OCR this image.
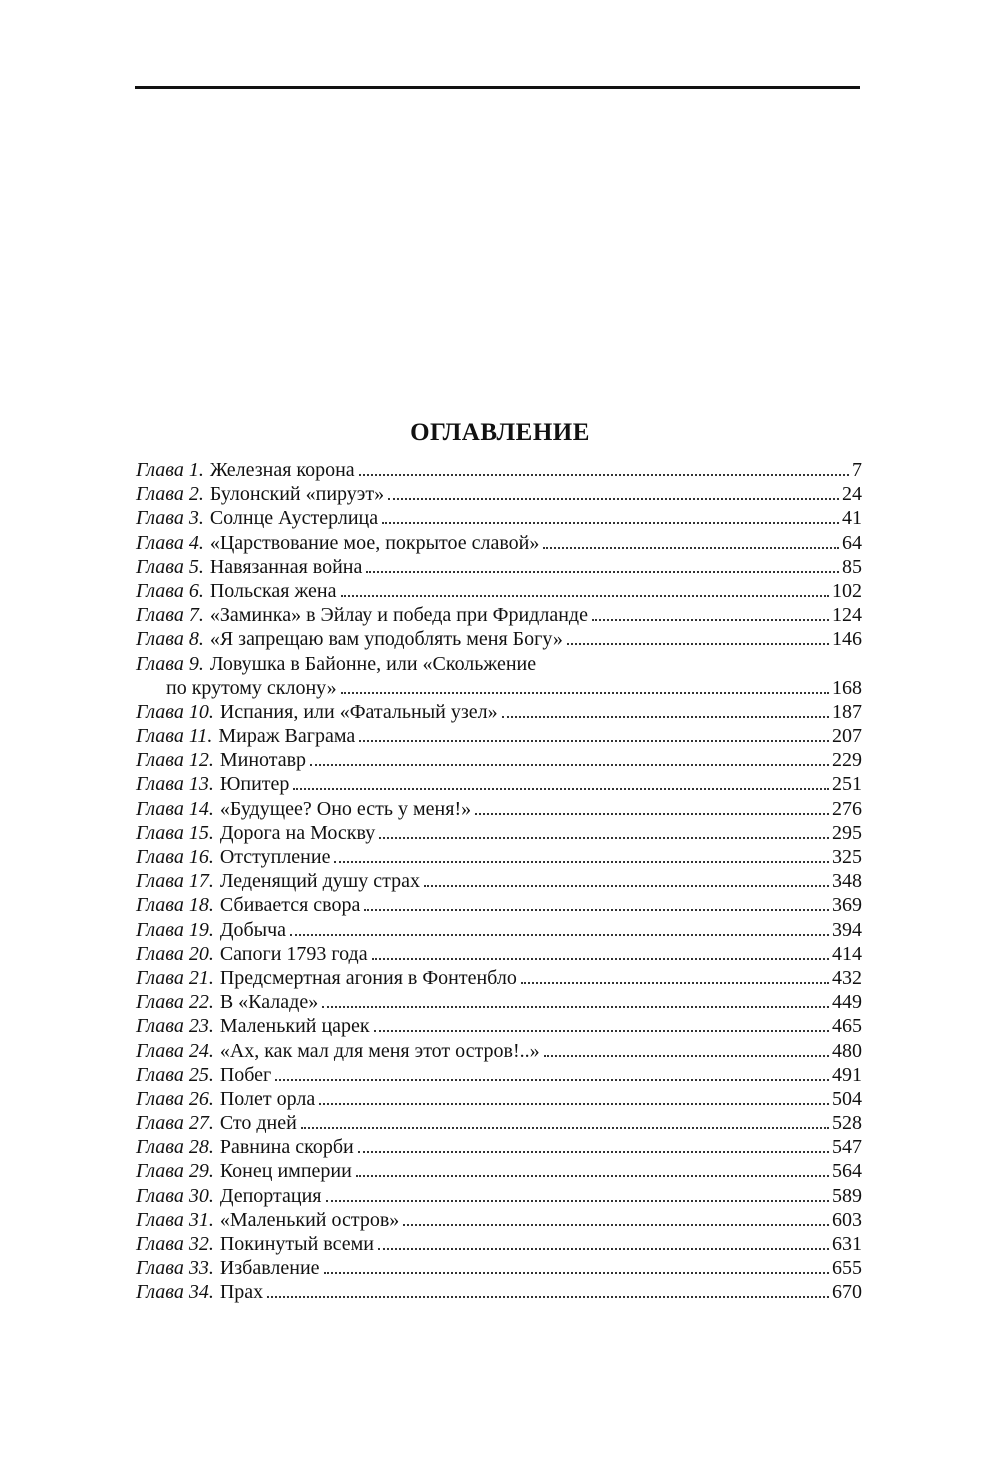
ОГЛАВЛЕНИЕ
Глава 1. Железная корона	7
Глава 2. Булонский «пируэт»	24
Глава 3. Солнце Аустерлица	41
Глава 4. «Царствование мое, покрытое славой»	64
Глава 5. Навязанная война	85
Глава 6. Польская жена	102
Глава 7. «Заминка» в Эйлау и победа при Фридланде	124
Глава 8. «Я запрещаю вам уподоблять меня Богу»	146
Глава 9. Ловушка в Байонне, или «Скольжение
по крутому склону»	168
Глава 10. Испания, или «Фатальный узел»	187
Глава 11. Мираж Ваграма	207
Глава 12. Минотавр	229
Глава 13. Юпитер	251
Глава 14. «Будущее? Оно есть у меня!»	276
Глава 15. Дорога на Москву	295
Глава 16. Отступление	325
Глава 17. Леденящий душу страх	348
Глава 18. Сбивается свора	369
Глава 19. Добыча	394
Глава 20. Сапоги 1793 года	414
Глава 21. Предсмертная агония в Фонтенбло	432
Глава 22. В «Каладе»	449
Глава 23. Маленький царек	465
Глава 24. «Ах, как мал для меня этот остров!..»	480
Глава 25. Побег	491
Глава 26. Полет орла	504
Глава 27. Сто дней	528
Глава 28. Равнина скорби	547
Глава 29. Конец империи	564
Глава 30. Депортация	589
Глава 31. «Маленький остров»	603
Глава 32. Покинутый всеми	631
Глава 33. Избавление	655
Глава 34. Прах	670
